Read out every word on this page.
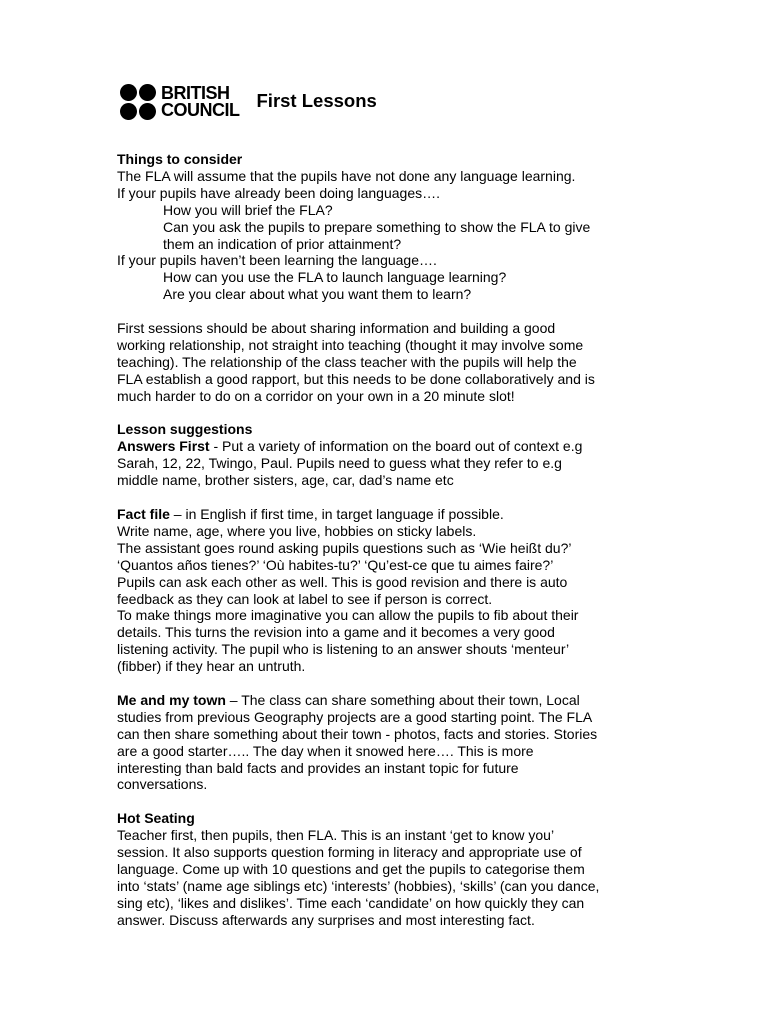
BRITISH
COUNCIL First Lessons

Things to consider

The FLA will assume that the pupils have not done any language learning.

If your pupils have already been doing languages….

How you will brief the FLA?

Can you ask the pupils to prepare something to show the FLA to give

them an indication of prior attainment?

If your pupils haven’t been learning the language….

How can you use the FLA to launch language learning?

Are you clear about what you want them to learn?

First sessions should be about sharing information and building a good

working relationship, not straight into teaching (thought it may involve some

teaching). The relationship of the class teacher with the pupils will help the

FLA establish a good rapport, but this needs to be done collaboratively and is

much harder to do on a corridor on your own in a 20 minute slot!

Lesson suggestions

Answers First - Put a variety of information on the board out of context e.g

Sarah, 12, 22, Twingo, Paul. Pupils need to guess what they refer to e.g

middle name, brother sisters, age, car, dad’s name etc

Fact file – in English if first time, in target language if possible.

Write name, age, where you live, hobbies on sticky labels.

The assistant goes round asking pupils questions such as ‘Wie heißt du?’

‘Quantos años tienes?’ ‘Où habites-tu?’ ‘Qu’est-ce que tu aimes faire?’

Pupils can ask each other as well. This is good revision and there is auto

feedback as they can look at label to see if person is correct.

To make things more imaginative you can allow the pupils to fib about their

details. This turns the revision into a game and it becomes a very good

listening activity. The pupil who is listening to an answer shouts ‘menteur’

(fibber) if they hear an untruth.

Me and my town – The class can share something about their town, Local

studies from previous Geography projects are a good starting point. The FLA

can then share something about their town - photos, facts and stories. Stories

are a good starter….. The day when it snowed here…. This is more

interesting than bald facts and provides an instant topic for future

conversations.

Hot Seating

Teacher first, then pupils, then FLA. This is an instant ‘get to know you’

session. It also supports question forming in literacy and appropriate use of

language. Come up with 10 questions and get the pupils to categorise them

into ‘stats’ (name age siblings etc) ‘interests’ (hobbies), ‘skills’ (can you dance,

sing etc), ‘likes and dislikes’. Time each ‘candidate’ on how quickly they can

answer. Discuss afterwards any surprises and most interesting fact.
